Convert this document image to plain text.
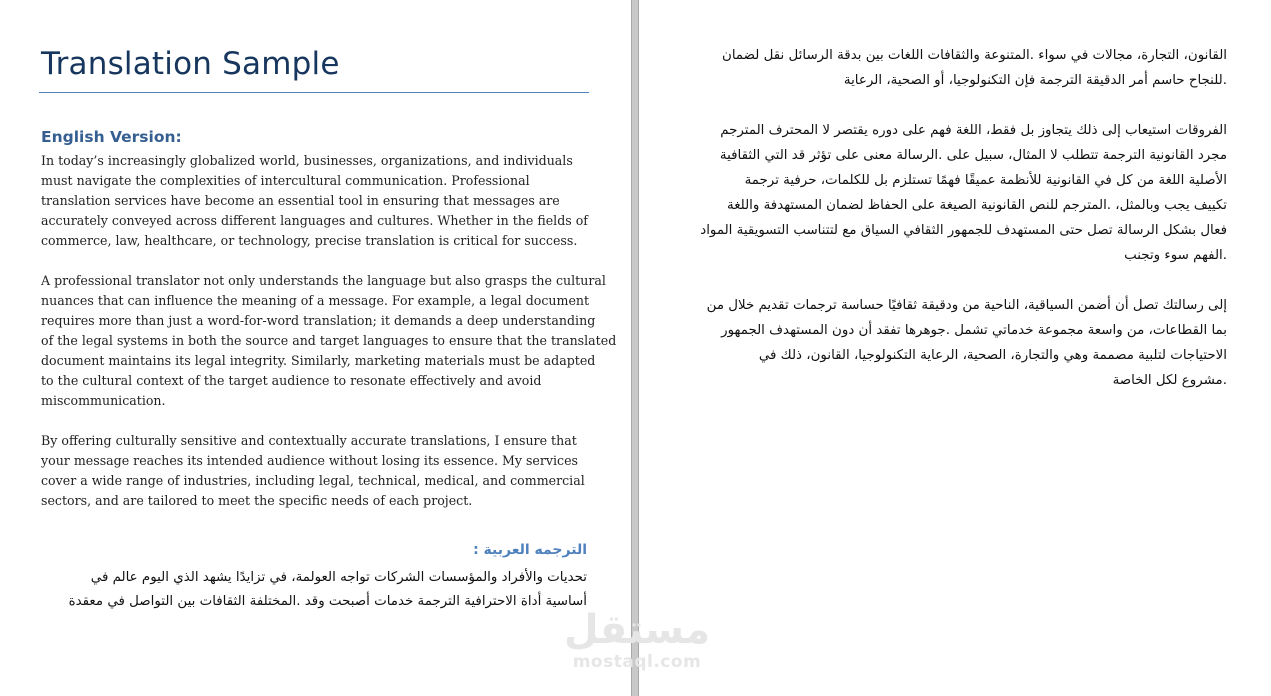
Translation Sample
English Version:
In today’s increasingly globalized world, businesses, organizations, and individuals
must navigate the complexities of intercultural communication. Professional
translation services have become an essential tool in ensuring that messages are
accurately conveyed across different languages and cultures. Whether in the fields of
commerce, law, healthcare, or technology, precise translation is critical for success.
A professional translator not only understands the language but also grasps the cultural
nuances that can influence the meaning of a message. For example, a legal document
requires more than just a word-for-word translation; it demands a deep understanding
of the legal systems in both the source and target languages to ensure that the translated
document maintains its legal integrity. Similarly, marketing materials must be adapted
to the cultural context of the target audience to resonate effectively and avoid
miscommunication.
By offering culturally sensitive and contextually accurate translations, I ensure that
your message reaches its intended audience without losing its essence. My services
cover a wide range of industries, including legal, technical, medical, and commercial
sectors, and are tailored to meet the specific needs of each project.
الترجمه العربية :
تحديات والأفراد والمؤسسات الشركات تواجه العولمة، في تزايدًا يشهد الذي اليوم عالم في
أساسية أداة الاحترافية الترجمة خدمات أصبحت وقد .المختلفة الثقافات بين التواصل في معقدة
القانون، التجارة، مجالات في سواء .المتنوعة والثقافات اللغات بين بدقة الرسائل نقل لضمان
.للنجاح حاسم أمر الدقيقة الترجمة فإن التكنولوجيا، أو الصحية، الرعاية
الفروقات استيعاب إلى ذلك يتجاوز بل فقط، اللغة فهم على دوره يقتصر لا المحترف المترجم
مجرد القانونية الترجمة تتطلب لا المثال، سبيل على .الرسالة معنى على تؤثر قد التي الثقافية
الأصلية اللغة من كل في القانونية للأنظمة عميقًا فهمًا تستلزم بل للكلمات، حرفية ترجمة
تكييف يجب وبالمثل، .المترجم للنص القانونية الصيغة على الحفاظ لضمان المستهدفة واللغة
فعال بشكل الرسالة تصل حتى المستهدف للجمهور الثقافي السياق مع لتتناسب التسويقية المواد
.الفهم سوء وتجنب
إلى رسالتك تصل أن أضمن السياقية، الناحية من ودقيقة ثقافيًا حساسة ترجمات تقديم خلال من
بما القطاعات، من واسعة مجموعة خدماتي تشمل .جوهرها تفقد أن دون المستهدف الجمهور
الاحتياجات لتلبية مصممة وهي والتجارة، الصحية، الرعاية التكنولوجيا، القانون، ذلك في
.مشروع لكل الخاصة
مستقل
mostaql.com
